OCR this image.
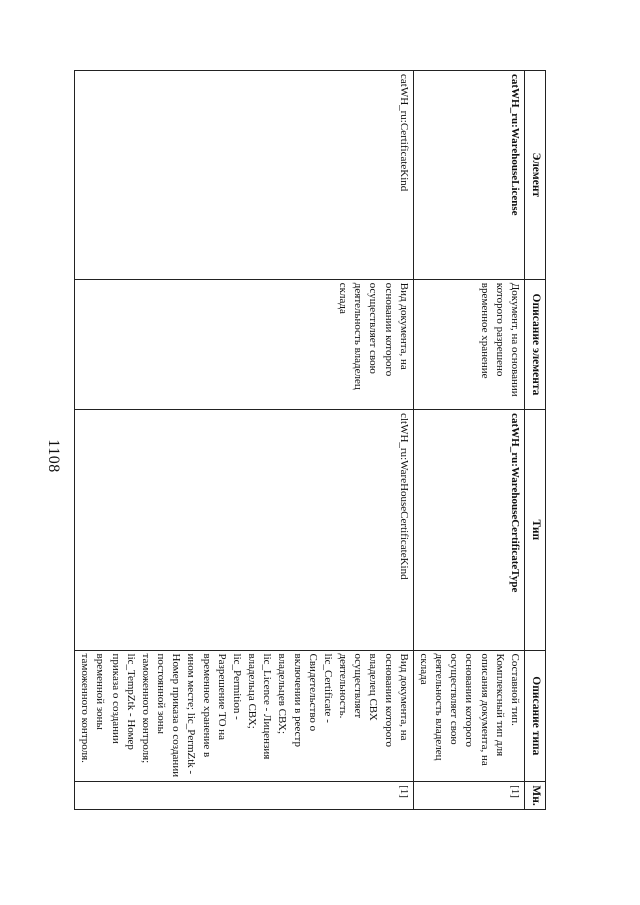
1108
Элемент	Описание элемента	Тип	Описание типа	Мн.
catWH_ru:WarehouseLicense	Документ, на основании которого разрешено временное хранение	catWH_ru:WarehouseCertificateType	Составной тип. Комплексный тип для описания документа, на основании которого осуществляет свою деятельность владелец склада	[1]
catWH_ru:CertificateKind	Вид документа, на основании которого осуществляет свою деятельность владелец склада	cltWH_ru:WareHouseCertificateKind	Вид документа, на основании которого владелец СВХ осуществляет деятельность. lic_Certificate - Свидетельство о включении в реестр владельцев СВХ; lic_Licence - Лицензия владельца СВХ; lic_Permition - Разрешение ТО на временное хранение в ином месте; lic_PermZtk - Номер приказа о создании постоянной зоны таможенного контроля; lic_TempZtk - Номер приказа о создании временной зоны таможенного контроля.	[1]
